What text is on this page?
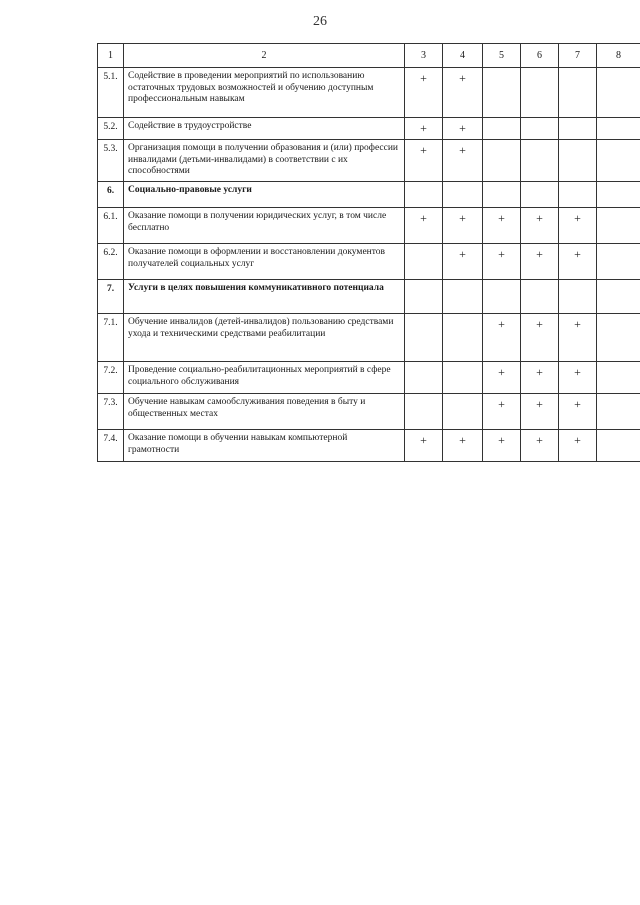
26
1	2	3	4	5	6	7	8
5.1.	Содействие в проведении мероприятий по использованию остаточных трудовых возможностей и обучению доступным профессиональным навыкам	+	+				
5.2.	Содействие в трудоустройстве	+	+				
5.3.	Организация помощи в получении образования и (или) профессии инвалидами (детьми-инвалидами) в соответствии с их способностями	+	+				
6.	Социально-правовые услуги						
6.1.	Оказание помощи в получении юридических услуг, в том числе бесплатно	+	+	+	+	+	
6.2.	Оказание помощи в оформлении и восстановлении документов получателей социальных услуг		+	+	+	+	
7.	Услуги в целях повышения коммуникативного потенциала						
7.1.	Обучение инвалидов (детей-инвалидов) пользованию средствами ухода и техническими средствами реабилитации			+	+	+	
7.2.	Проведение социально-реабилитационных мероприятий в сфере социального обслуживания			+	+	+	
7.3.	Обучение навыкам самообслуживания поведения в быту и общественных местах			+	+	+	
7.4.	Оказание помощи в обучении навыкам компьютерной грамотности	+	+	+	+	+	
